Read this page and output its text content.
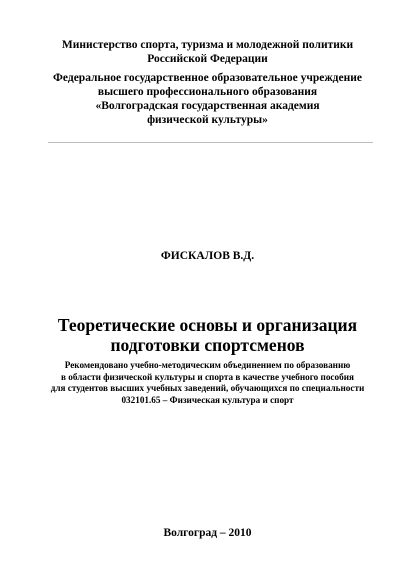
Министерство спорта, туризма и молодежной политики
Российской Федерации
Федеральное государственное образовательное учреждение
высшего профессионального образования
«Волгоградская государственная академия
физической культуры»
ФИСКАЛОВ В.Д.
Теоретические основы и организация
подготовки спортсменов
Рекомендовано учебно-методическим объединением по образованию
в области физической культуры и спорта в качестве учебного пособия
для студентов высших учебных заведений, обучающихся по специальности
032101.65 – Физическая культура и спорт
Волгоград – 2010
